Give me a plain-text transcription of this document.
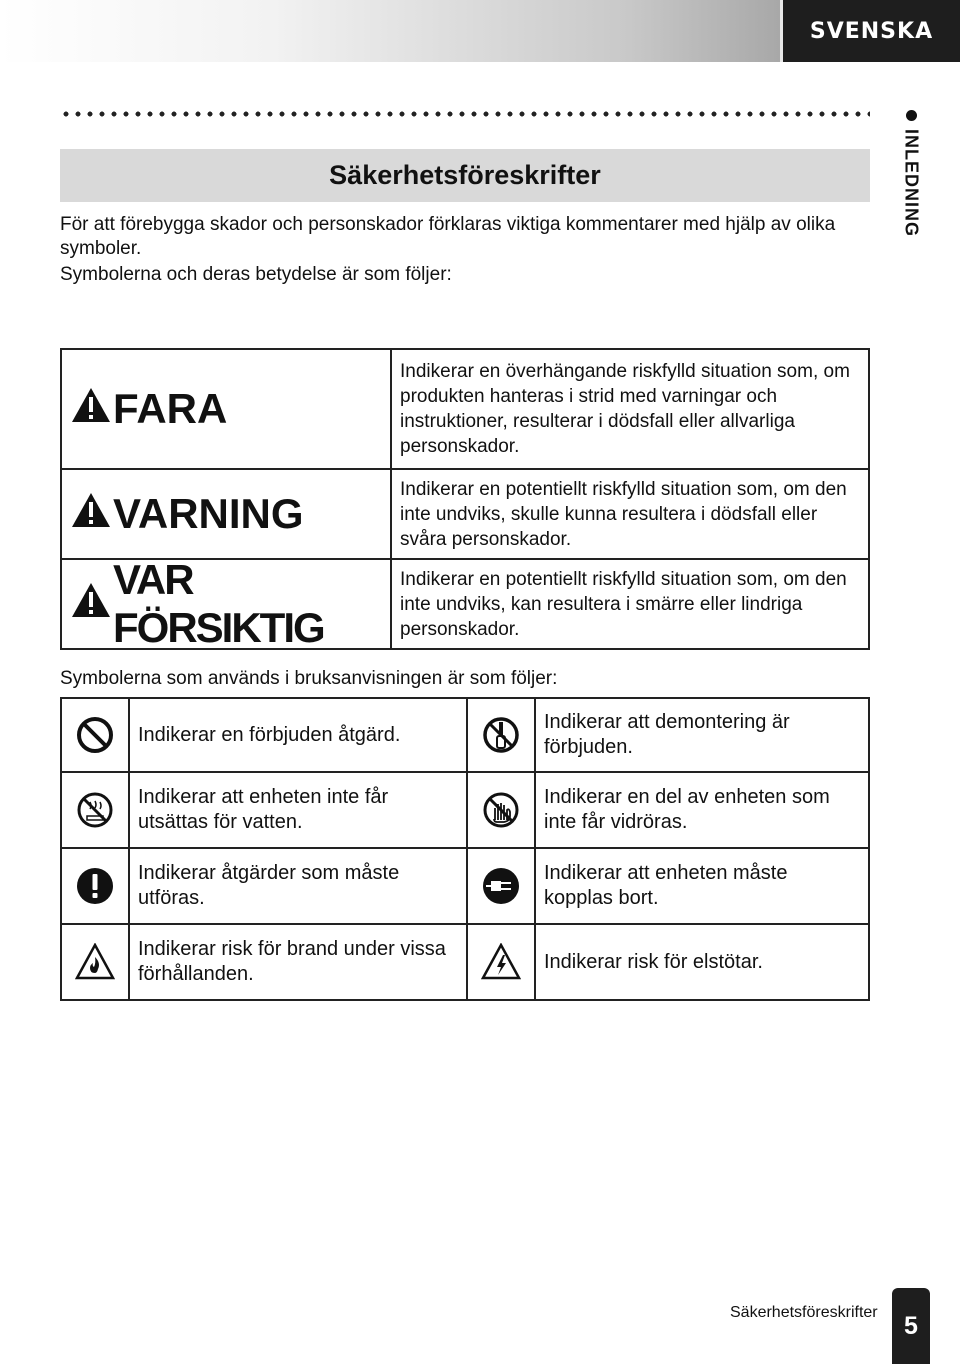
SVENSKA
INLEDNING
Säkerhetsföreskrifter

För att förebygga skador och personskador förklaras viktiga kommentarer med hjälp av olika symboler.

Symbolerna och deras betydelse är som följer:

FARA	Indikerar en överhängande riskfylld situation som, om produkten hanteras i strid med varningar och instruktioner, resulterar i dödsfall eller allvarliga personskador.

VARNING	Indikerar en potentiellt riskfylld situation som, om den inte undviks, skulle kunna resultera i dödsfall eller svåra personskador.

VAR FÖRSIKTIG	Indikerar en potentiellt riskfylld situation som, om den inte undviks, kan resultera i smärre eller lindriga personskador.

Symbolerna som används i bruksanvisningen är som följer:

	Indikerar en förbjuden åtgärd.		Indikerar att demontering är förbjuden.

	Indikerar att enheten inte får utsättas för vatten.		Indikerar en del av enheten som inte får vidröras.

	Indikerar åtgärder som måste utföras.		Indikerar att enheten måste kopplas bort.

	Indikerar risk för brand under vissa förhållanden.		Indikerar risk för elstötar.
Säkerhetsföreskrifter	5
